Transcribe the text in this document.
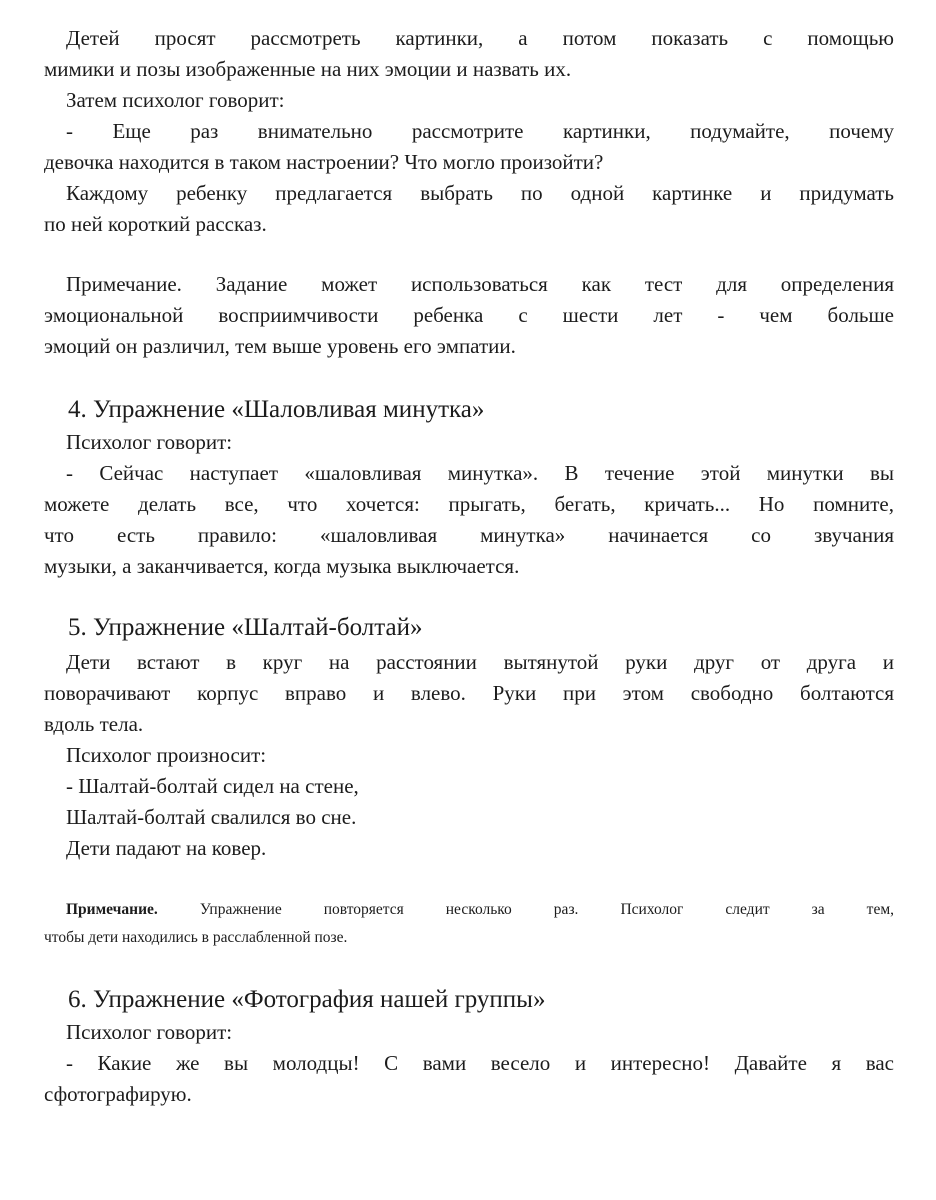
Детей просят рассмотреть картинки, а потом показать с помощью
мимики и позы изображенные на них эмоции и назвать их.
Затем психолог говорит:
- Еще раз внимательно рассмотрите картинки, подумайте, почему
девочка находится в таком настроении? Что могло произойти?
Каждому ребенку предлагается выбрать по одной картинке и придумать
по ней короткий рассказ.
Примечание. Задание может использоваться как тест для определения
эмоциональной восприимчивости ребенка с шести лет - чем больше
эмоций он различил, тем выше уровень его эмпатии.
4. Упражнение «Шаловливая минутка»
Психолог говорит:
- Сейчас наступает «шаловливая минутка». В течение этой минутки вы
можете делать все, что хочется: прыгать, бегать, кричать... Но помните,
что есть правило: «шаловливая минутка» начинается со звучания
музыки, а заканчивается, когда музыка выключается.
5. Упражнение «Шалтай-болтай»
Дети встают в круг на расстоянии вытянутой руки друг от друга и
поворачивают корпус вправо и влево. Руки при этом свободно болтаются
вдоль тела.
Психолог произносит:
- Шалтай-болтай сидел на стене,
Шалтай-болтай свалился во сне.
Дети падают на ковер.
Примечание.	Упражнение повторяется несколько раз. Психолог следит за тем,
чтобы дети находились в расслабленной позе.
6. Упражнение «Фотография нашей группы»
Психолог говорит:
- Какие же вы молодцы! С вами весело и интересно! Давайте я вас
сфотографирую.
